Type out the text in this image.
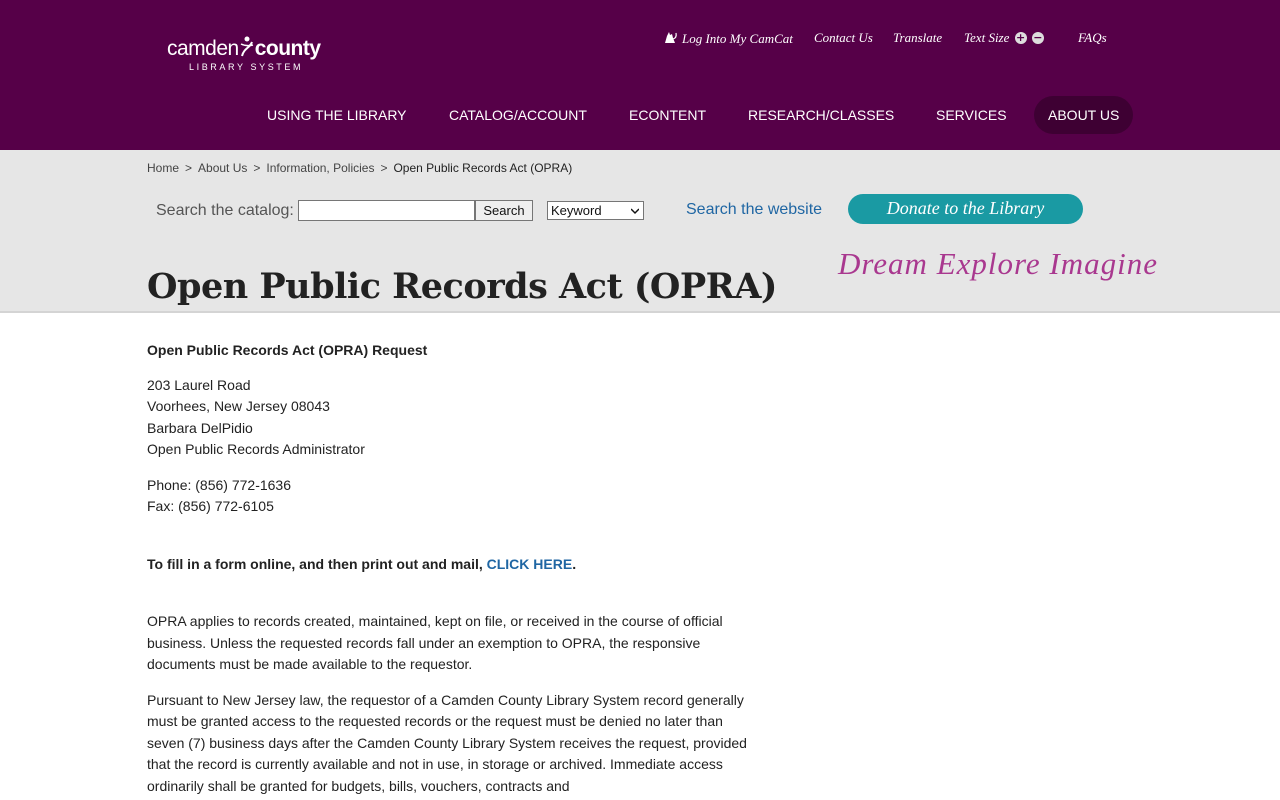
camden county
LIBRARY SYSTEM
Log Into My CamCat Contact Us Translate Text Size + −	FAQs
USING THE LIBRARY	CATALOG/ACCOUNT	ECONTENT	RESEARCH/CLASSES	SERVICES	ABOUT US
Home > About Us > Information, Policies > Open Public Records Act (OPRA)
Search the catalog:	Search	Keyword	Search the website	Donate to the Library
Dream Explore Imagine
Open Public Records Act (OPRA)

Open Public Records Act (OPRA) Request

203 Laurel Road
Voorhees, New Jersey 08043
Barbara DelPidio
Open Public Records Administrator

Phone: (856) 772-1636
Fax: (856) 772-6105

To fill in a form online, and then print out and mail, CLICK HERE.

OPRA applies to records created, maintained, kept on file, or received in the course of official business. Unless the requested records fall under an exemption to OPRA, the responsive documents must be made available to the requestor.

Pursuant to New Jersey law, the requestor of a Camden County Library System record generally must be granted access to the requested records or the request must be denied no later than seven (7) business days after the Camden County Library System receives the request, provided that the record is currently available and not in use, in storage or archived. Immediate access ordinarily shall be granted for budgets, bills, vouchers, contracts and
